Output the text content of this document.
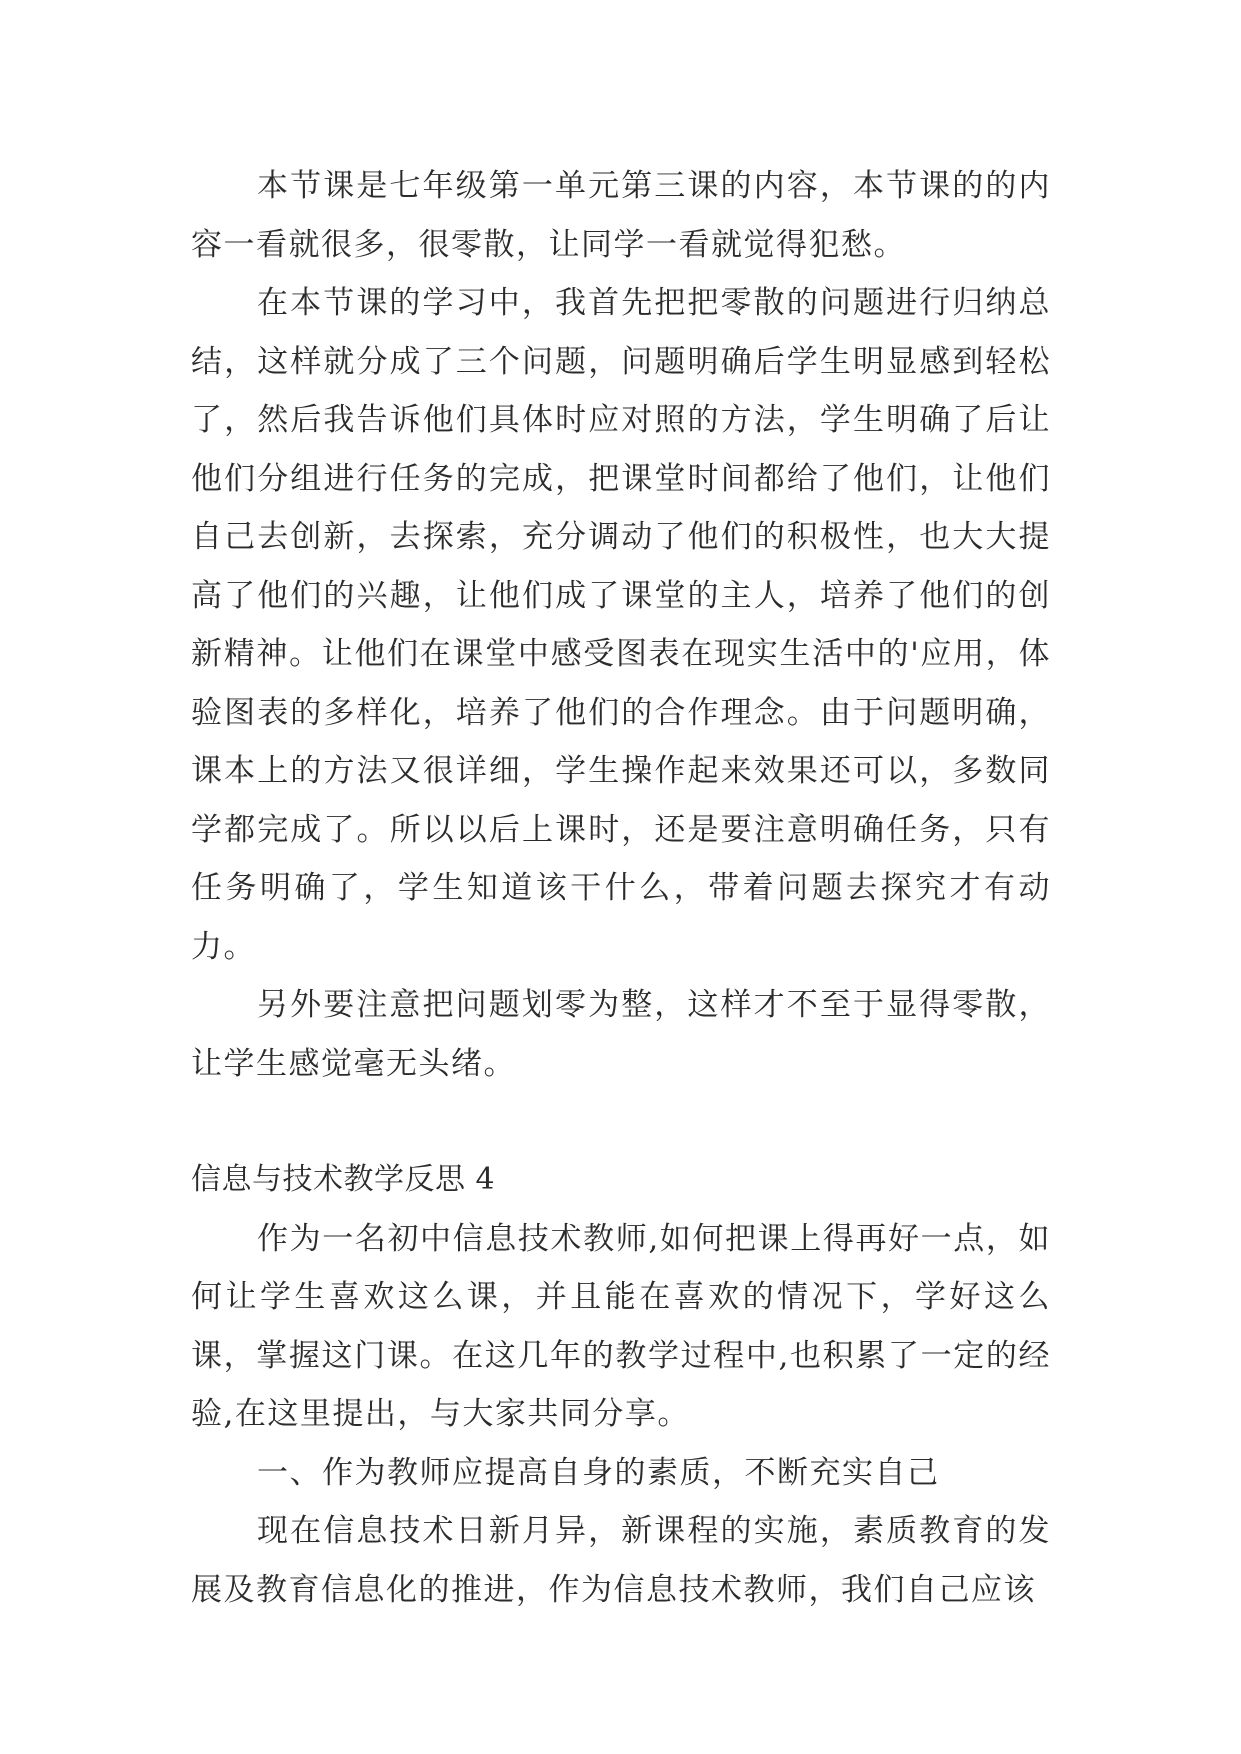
本节课是七年级第一单元第三课的内容，本节课的的内容一看就很多，很零散，让同学一看就觉得犯愁。

在本节课的学习中，我首先把把零散的问题进行归纳总结，这样就分成了三个问题，问题明确后学生明显感到轻松了，然后我告诉他们具体时应对照的方法，学生明确了后让他们分组进行任务的完成，把课堂时间都给了他们，让他们自己去创新，去探索，充分调动了他们的积极性，也大大提高了他们的兴趣，让他们成了课堂的主人，培养了他们的创新精神。让他们在课堂中感受图表在现实生活中的'应用，体验图表的多样化，培养了他们的合作理念。由于问题明确，课本上的方法又很详细，学生操作起来效果还可以，多数同学都完成了。所以以后上课时，还是要注意明确任务，只有任务明确了，学生知道该干什么，带着问题去探究才有动力。

另外要注意把问题划零为整，这样才不至于显得零散，让学生感觉毫无头绪。

信息与技术教学反思 4

作为一名初中信息技术教师,如何把课上得再好一点，如何让学生喜欢这么课，并且能在喜欢的情况下，学好这么课，掌握这门课。在这几年的教学过程中,也积累了一定的经验,在这里提出，与大家共同分享。

一、作为教师应提高自身的素质，不断充实自己

现在信息技术日新月异，新课程的实施，素质教育的发展及教育信息化的推进，作为信息技术教师，我们自己应该
